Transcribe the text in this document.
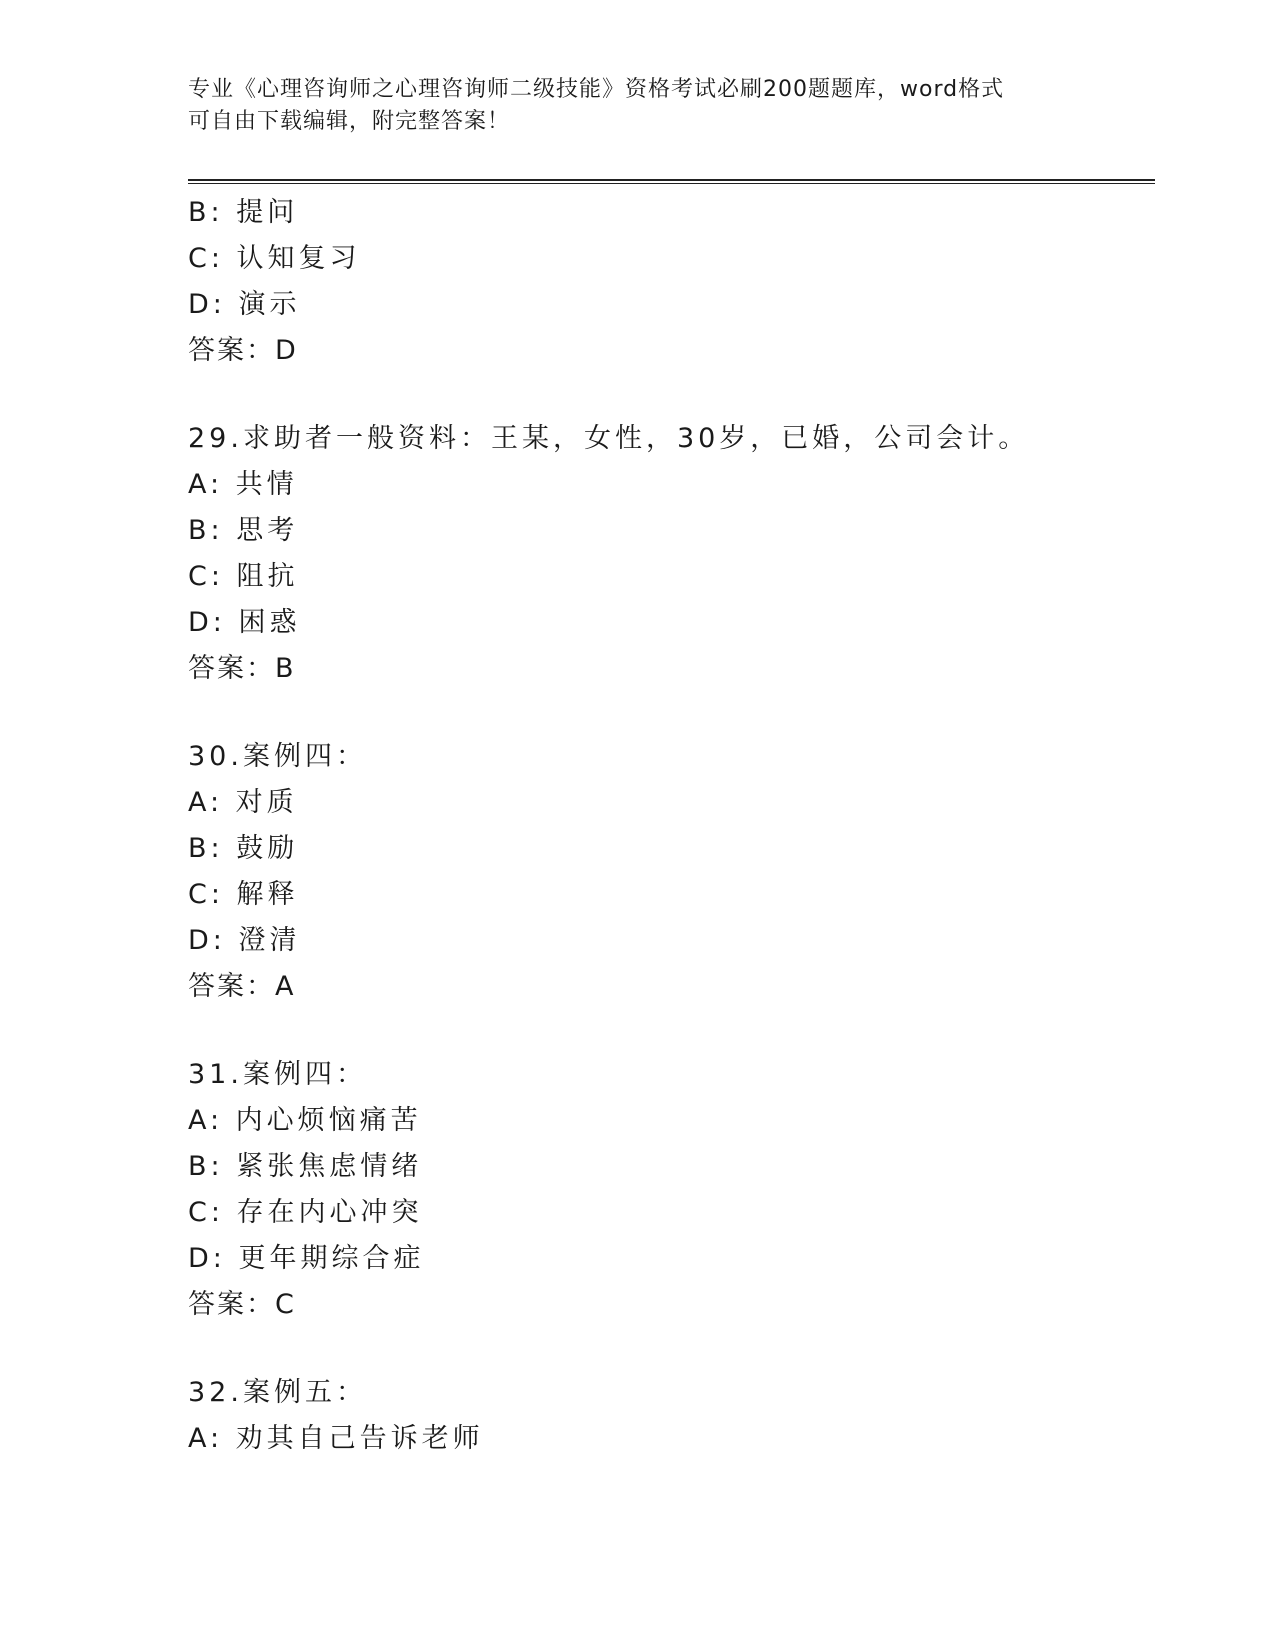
专业《心理咨询师之心理咨询师二级技能》资格考试必刷200题题库，word格式
可自由下载编辑，附完整答案！
B: 提问
C: 认知复习
D: 演示
答案：D
29.求助者一般资料：王某，女性，30岁，已婚，公司会计。
A: 共情
B: 思考
C: 阻抗
D: 困惑
答案：B
30.案例四：
A: 对质
B: 鼓励
C: 解释
D: 澄清
答案：A
31.案例四：
A: 内心烦恼痛苦
B: 紧张焦虑情绪
C: 存在内心冲突
D: 更年期综合症
答案：C
32.案例五：
A: 劝其自己告诉老师
